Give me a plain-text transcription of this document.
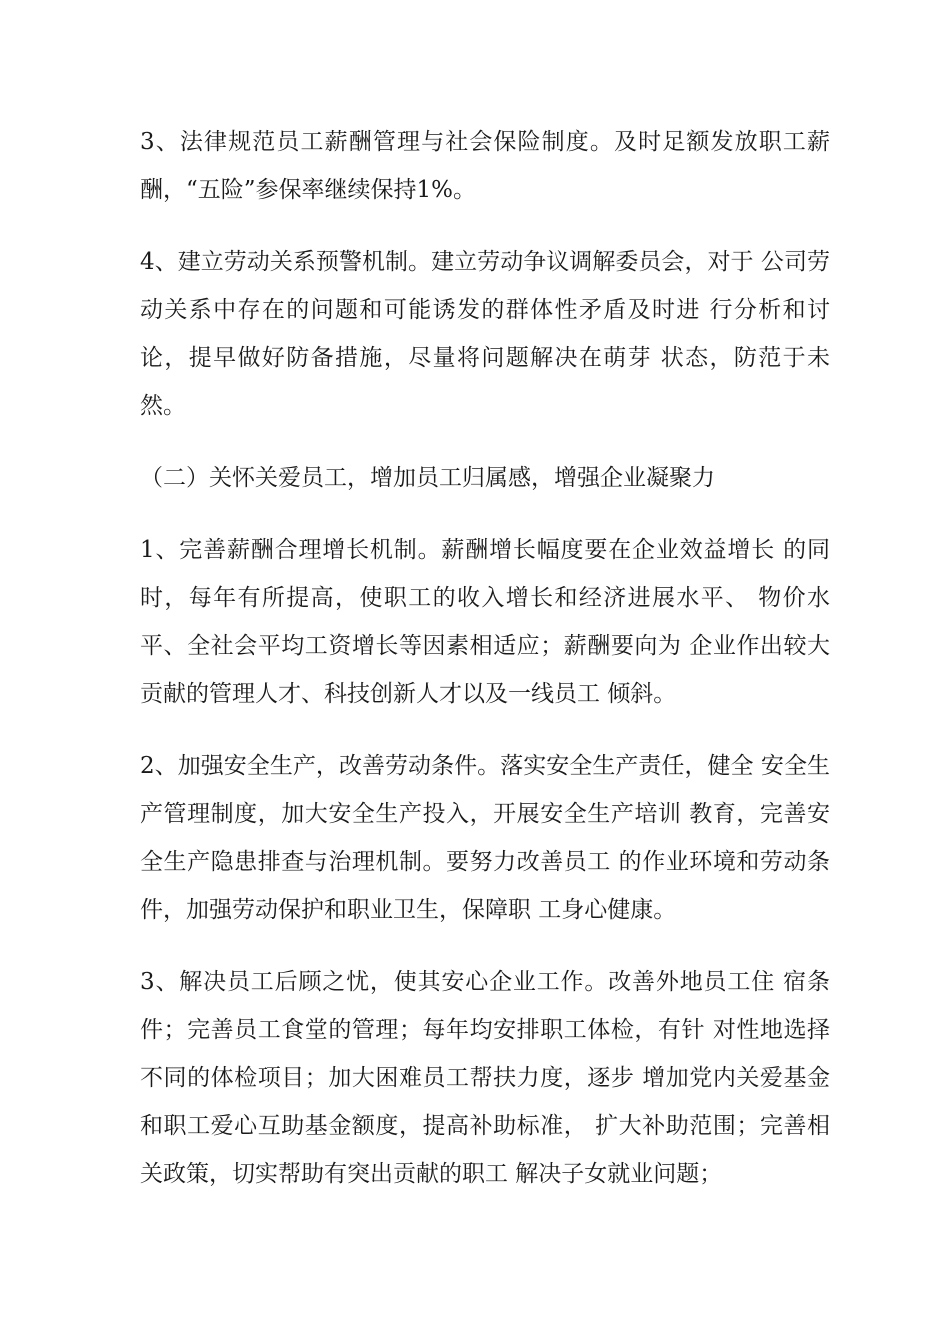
3、法律规范员工薪酬管理与社会保险制度。及时足额发放职工薪酬，“五险”参保率继续保持1%。

4、建立劳动关系预警机制。建立劳动争议调解委员会，对于 公司劳动关系中存在的问题和可能诱发的群体性矛盾及时进 行分析和讨论，提早做好防备措施，尽量将问题解决在萌芽 状态，防范于未然。

（二）关怀关爱员工，增加员工归属感，增强企业凝聚力

1、完善薪酬合理增长机制。薪酬增长幅度要在企业效益增长 的同时，每年有所提高，使职工的收入增长和经济进展水平、 物价水平、全社会平均工资增长等因素相适应；薪酬要向为 企业作出较大贡献的管理人才、科技创新人才以及一线员工 倾斜。

2、加强安全生产，改善劳动条件。落实安全生产责任，健全 安全生产管理制度，加大安全生产投入，开展安全生产培训 教育，完善安全生产隐患排查与治理机制。要努力改善员工 的作业环境和劳动条件，加强劳动保护和职业卫生，保障职 工身心健康。

3、解决员工后顾之忧，使其安心企业工作。改善外地员工住 宿条件；完善员工食堂的管理；每年均安排职工体检，有针 对性地选择不同的体检项目；加大困难员工帮扶力度，逐步 增加党内关爱基金和职工爱心互助基金额度，提高补助标准， 扩大补助范围；完善相关政策，切实帮助有突出贡献的职工 解决子女就业问题；
